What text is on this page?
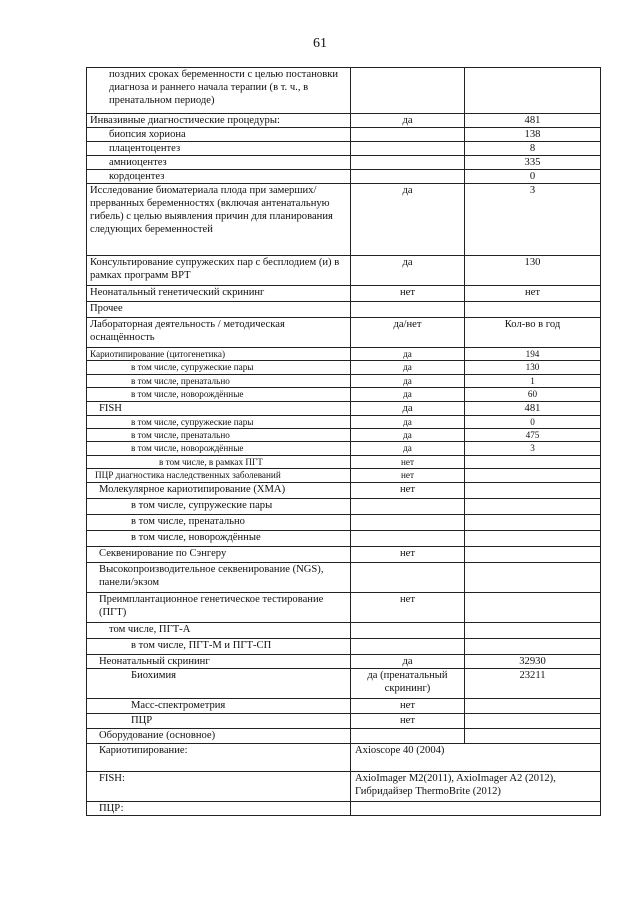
61
поздних сроках беременности с целью постановки диагноза и раннего начала терапии (в т. ч., в пренатальном периоде)		
Инвазивные диагностические процедуры:	да	481
биопсия хориона		138
плацентоцентез		8
амниоцентез		335
кордоцентез		0
Исследование биоматериала плода при замерших/прерванных беременностях (включая антенатальную гибель) с целью выявления причин для планирования следующих беременностей	да	3
Консультирование супружеских пар с бесплодием (и) в рамках программ ВРТ	да	130
Неонатальный генетический скрининг	нет	нет
Прочее		
Лабораторная деятельность / методическая оснащённость	да/нет	Кол-во в год
Кариотипирование (цитогенетика)	да	194
в том числе, супружеские пары	да	130
в том числе, пренатально	да	1
в том числе, новорождённые	да	60
FISH	да	481
в том числе, супружеские пары	да	0
в том числе, пренатально	да	475
в том числе, новорождённые	да	3
в том числе, в рамках ПГТ	нет	
ПЦР диагностика наследственных заболеваний	нет	
Молекулярное кариотипирование (ХМА)	нет	
в том числе, супружеские пары		
в том числе, пренатально		
в том числе, новорождённые		
Секвенирование по Сэнгеру	нет	
Высокопроизводительное секвенирование (NGS), панели/экзом		
Преимплантационное генетическое тестирование (ПГТ)	нет	
том числе, ПГТ-А		
в том числе, ПГТ-М и ПГТ-СП		
Неонатальный скрининг	да	32930
Биохимия	да (пренатальный скрининг)	23211
Масс-спектрометрия	нет	
ПЦР	нет	
Оборудование (основное)		
Кариотипирование:	Axioscope 40 (2004)	
FISH:	AxioImager M2(2011), AxioImager A2 (2012), Гибридайзер ThermoBrite (2012)	
ПЦР:		
